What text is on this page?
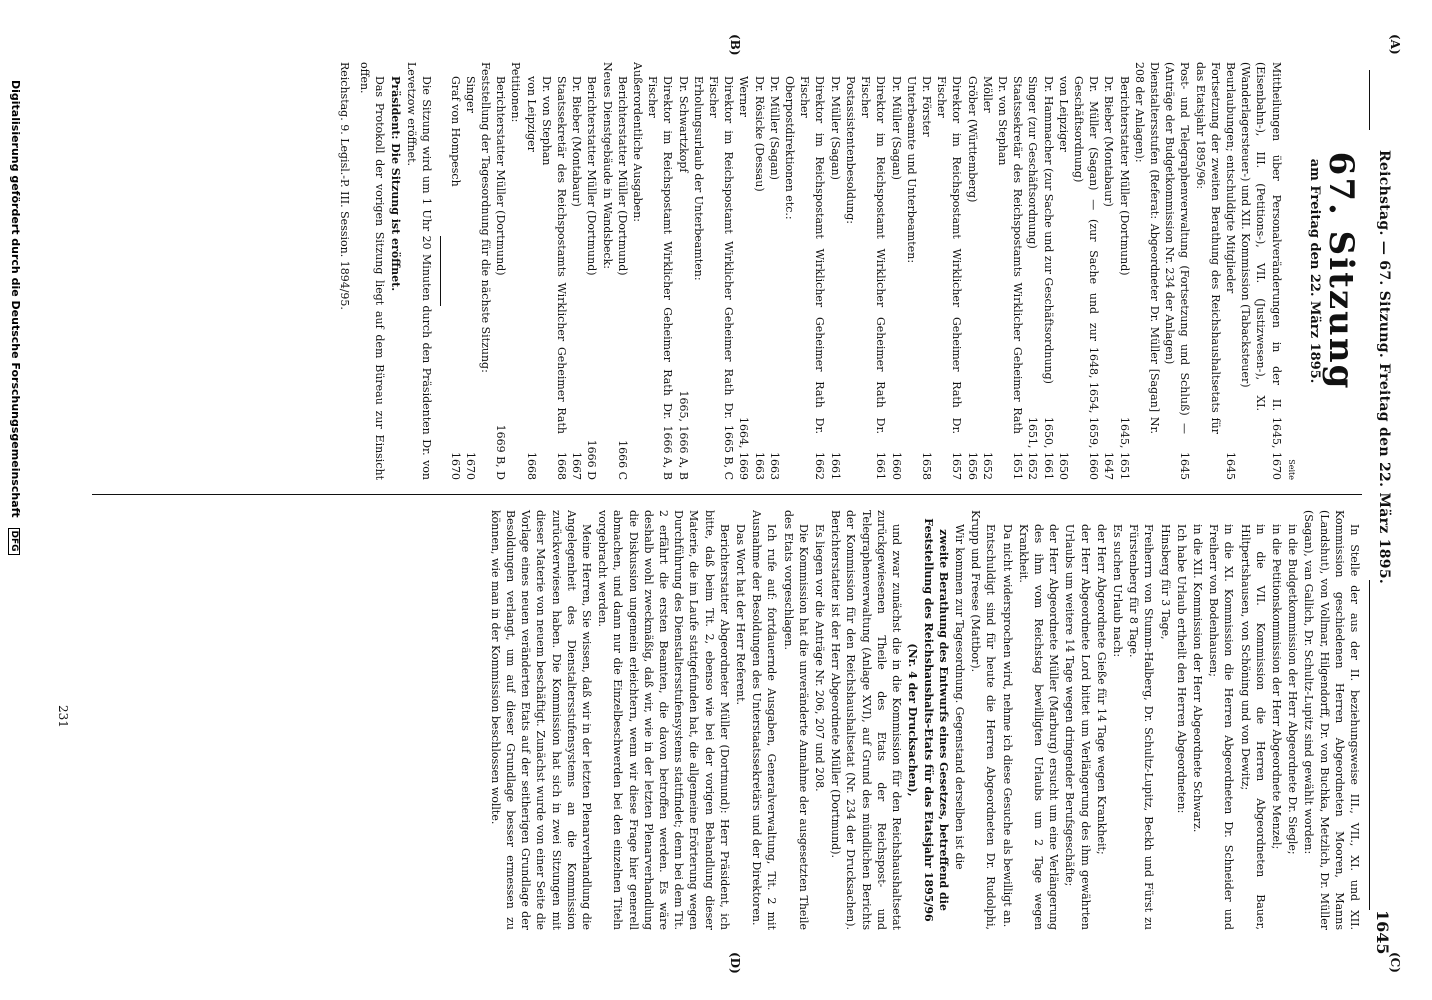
(A)
(B)
(C)
(D)
Reichstag. — 67. Sitzung. Freitag den 22. März 1895.
1645
67. Sitzung
am Freitag den 22. März 1895.
Seite
Mittheilungen über Personalveränderungen in der II. (Eisenbahn-), III. (Petitions-), VII. (Justizwesen-), XI. (Wanderlagersteuer-) und XII. Kommission (Tabacksteuer)
1645, 1670
Beurlaubungen; entschuldigte Mitglieder
1645
Fortsetzung der zweiten Berathung des Reichshaushaltsetats für das Etatsjahr 1895/96:
Post- und Telegraphenverwaltung (Fortsetzung und Schluß) — (Anträge der Budgetkommission Nr. 234 der Anlagen)
1645
Dienstaltersstufen (Referat: Abgeordneter Dr. Müller [Sagan] Nr. 208 der Anlagen):
Berichterstatter Müller (Dortmund)
1645, 1651
Dr. Bieber (Montabaur)
1647
Dr. Müller (Sagan) — (zur Sache und zur Geschäftsordnung)
1648, 1654, 1659, 1660
von Leipziger
1650
Dr. Hammacher (zur Sache und zur Geschäftsordnung)
1650, 1661
Singer (zur Geschäftsordnung)
1651, 1652
Staatssekretär des Reichspostamts Wirklicher Geheimer Rath Dr. von Stephan
1651
Möller
1652
Gröber (Württemberg)
1656
Direktor im Reichspostamt Wirklicher Geheimer Rath Dr. Fischer
1657
Dr. Förster
1658
Unterbeamte und Unterbeamten:
Dr. Müller (Sagan)
1660
Direktor im Reichspostamt Wirklicher Geheimer Rath Dr. Fischer
1661
Postassistentenbesoldung:
Dr. Müller (Sagan)
1661
Direktor im Reichspostamt Wirklicher Geheimer Rath Dr. Fischer
1662
Oberpostdirektionen etc.:
Dr. Müller (Sagan)
1663
Dr. Rösicke (Dessau)
1663
Werner
1664, 1669
Direktor im Reichspostamt Wirklicher Geheimer Rath Dr. Fischer
1665 B, C
Erholungsurlaub der Unterbeamten:
Dr. Schwartzkopf
1665, 1666 A, B
Direktor im Reichspostamt Wirklicher Geheimer Rath Dr. Fischer
1666 A, B
Außerordentliche Ausgaben:
Berichterstatter Müller (Dortmund)
1666 C
Neues Dienstgebäude in Wandsbeck:
Berichterstatter Müller (Dortmund)
1666 D
Dr. Bieber (Montabaur)
1667
Staatssekretär des Reichspostamts Wirklicher Geheimer Rath Dr. von Stephan
1668
von Leipziger
1668
Petitionen:
Berichterstatter Müller (Dortmund)
1669 B, D
Feststellung der Tagesordnung für die nächste Sitzung:
Singer
1670
Graf von Hompesch
1670

Die Sitzung wird um 1 Uhr 20 Minuten durch den Präsidenten Dr. von Levetzow eröffnet.

Präsident: Die Sitzung ist eröffnet.

Das Protokoll der vorigen Sitzung liegt auf dem Büreau zur Einsicht offen.

Reichstag. 9. Legisl.-P. III. Session. 1894/95.

In Stelle der aus der II. beziehungsweise III., VII., XI. und XII. Kommission geschiedenen Herren Abgeordneten Mooren, Manns (Landshut), von Vollmar, Hilgendorff, Dr. von Buchka, Metzlich, Dr. Müller (Sagan), van Gallich, Dr. Schultz-Lupitz sind gewählt worden:

in die Budgetkommission der Herr Abgeordnete Dr. Siegle;

in die Petitionskommission der Herr Abgeordnete Menzel;

in die VII. Kommission die Herren Abgeordneten Bauer, Hiltpertshausen, von Schöning und von Dewitz;

in die XI. Kommission die Herren Abgeordneten Dr. Schneider und Freiherr von Bodenhausen;

in die XII. Kommission der Herr Abgeordnete Schwarz.

Ich habe Urlaub ertheilt den Herren Abgeordneten:

Hinsberg für 3 Tage,

Freiherrn von Stumm-Halberg, Dr. Schultz-Lupitz, Beckh und Fürst zu Fürstenberg für 8 Tage.

Es suchen Urlaub nach:

der Herr Abgeordnete Gieße für 14 Tage wegen Krankheit;

der Herr Abgeordnete Lord bittet um Verlängerung des ihm gewährten Urlaubs um weitere 14 Tage wegen dringender Berufsgeschäfte;

der Herr Abgeordnete Müller (Marburg) ersucht um eine Verlängerung des ihm vom Reichstag bewilligten Urlaubs um 2 Tage wegen Krankheit.

Da nicht widersprochen wird, nehme ich diese Gesuche als bewilligt an.

Entschuldigt sind für heute die Herren Abgeordneten Dr. Rudolphi, Krupp und Freese (Mattbor).

Wir kommen zur Tagesordnung. Gegenstand derselben ist die

zweite Berathung des Entwurfs eines Gesetzes, betreffend die Feststellung des Reichshaushalts-Etats für das Etatsjahr 1895/96 (Nr. 4 der Drucksachen),

und zwar zunächst die in die Kommission für den Reichshaushaltsetat zurückgewiesenen Theile des Etats der Reichspost- und Telegraphenverwaltung (Anlage XVI), auf Grund des mündlichen Berichts der Kommission für den Reichshaushaltsetat (Nr. 234 der Drucksachen). Berichterstatter ist der Herr Abgeordnete Müller (Dortmund).

Es liegen vor die Anträge Nr. 206, 207 und 208.

Die Kommission hat die unveränderte Annahme der ausgesetzten Theile des Etats vorgeschlagen.

Ich rufe auf: fortdauernde Ausgaben, Generalverwaltung, Tit. 2 mit Ausnahme der Besoldungen des Unterstaatssekretärs und der Direktoren.

Das Wort hat der Herr Referent.

Berichterstatter Abgeordneter Müller (Dortmund): Herr Präsident, ich bitte, daß beim Tit. 2, ebenso wie bei der vorigen Behandlung dieser Materie, die im Laufe stattgefunden hat, die allgemeine Erörterung wegen Durchführung des Dienstaltersstufensystems stattfindet; denn bei dem Tit. 2 erfährt die ersten Beamten, die davon betroffen werden. Es wäre deshalb wohl zweckmäßig, daß wir, wie in der letzten Plenarverhandlung die Diskussion ungemein erleichtern, wenn wir diese Frage hier generell abmachen, und dann nur die Einzelbeschwerden bei den einzelnen Titeln vorgebracht werden.

Meine Herren, Sie wissen, daß wir in der letzten Plenarverhandlung die Angelegenheit des Dienstaltersstufensystems an die Kommission zurückverwiesen haben. Die Kommission hat sich in zwei Sitzungen mit dieser Materie von neuem beschäftigt. Zunächst wurde von einer Seite die Vorlage eines neuen veränderten Etats auf der seitherigen Grundlage der Besoldungen verlangt, um auf dieser Grundlage besser ermessen zu können, wie man in der Kommission beschlossen wollte.

231
Digitalisierung gefördert durch die Deutsche Forschungsgemeinschaft DFG
